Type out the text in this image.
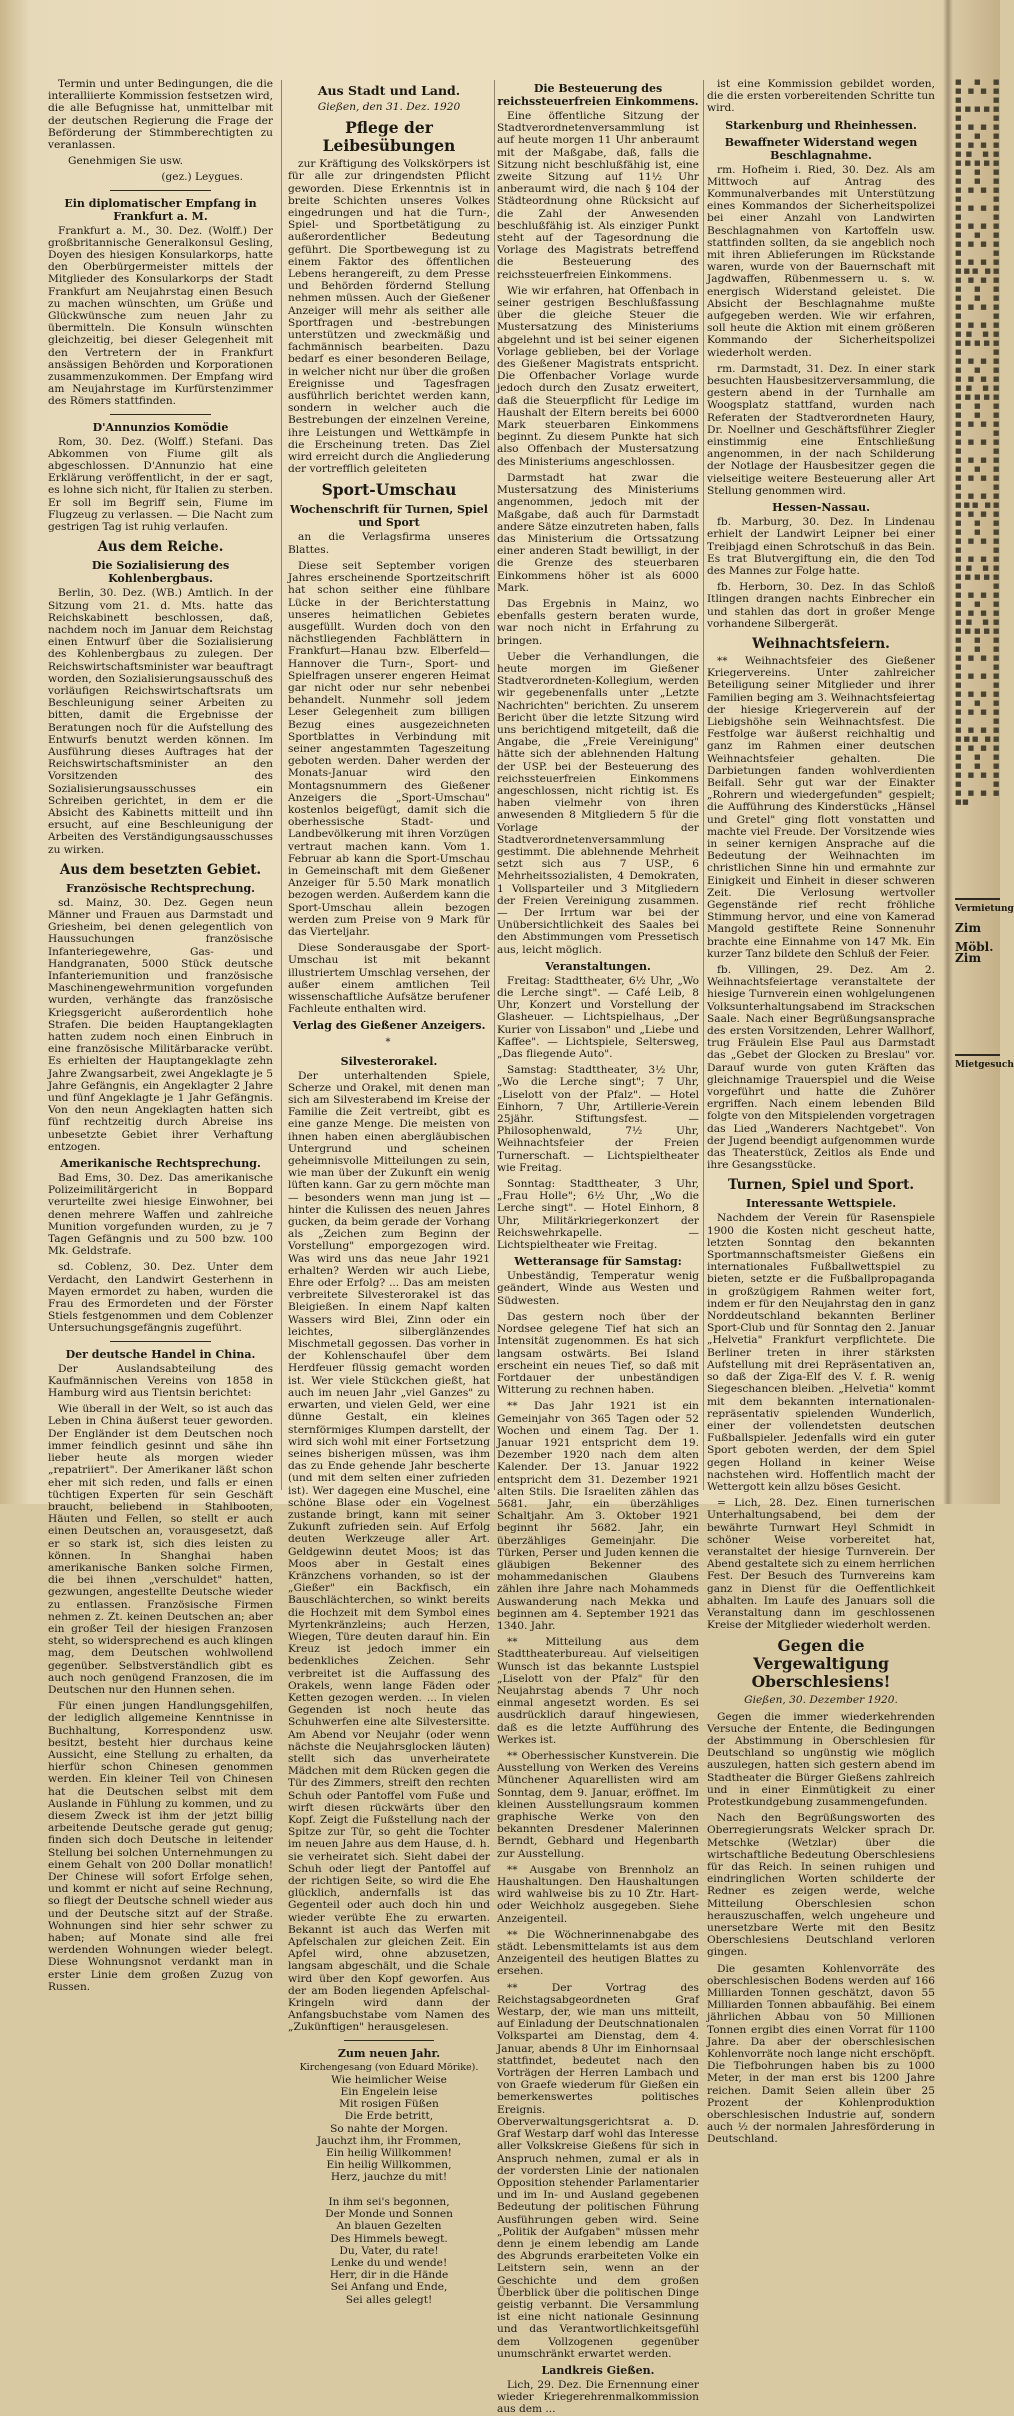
Termin und unter Bedingungen, die die interalliierte Kommission festsetzen wird, die alle Befugnisse hat, unmittelbar mit der deutschen Regierung die Frage der Beförderung der Stimmberechtigten zu veranlassen.

Genehmigen Sie usw.

(gez.) Leygues.

Ein diplomatischer Empfang in Frankfurt a. M.

Frankfurt a. M., 30. Dez. (Wolff.) Der großbritannische Generalkonsul Gesling, Doyen des hiesigen Konsularkorps, hatte den Oberbürgermeister mittels der Mitglieder des Konsularkorps der Stadt Frankfurt am Neujahrstag einen Besuch zu machen wünschten, um Grüße und Glückwünsche zum neuen Jahr zu übermitteln. Die Konsuln wünschten gleichzeitig, bei dieser Gelegenheit mit den Vertretern der in Frankfurt ansässigen Behörden und Korporationen zusammenzukommen. Der Empfang wird am Neujahrstage im Kurfürstenzimmer des Römers stattfinden.

D'Annunzios Komödie

Rom, 30. Dez. (Wolff.) Stefani. Das Abkommen von Fiume gilt als abgeschlossen. D'Annunzio hat eine Erklärung veröffentlicht, in der er sagt, es lohne sich nicht, für Italien zu sterben. Er soll im Begriff sein, Fiume im Flugzeug zu verlassen. — Die Nacht zum gestrigen Tag ist ruhig verlaufen.

Aus dem Reiche.
Die Sozialisierung des Kohlenbergbaus.

Berlin, 30. Dez. (WB.) Amtlich. In der Sitzung vom 21. d. Mts. hatte das Reichskabinett beschlossen, daß, nachdem noch im Januar dem Reichstag einen Entwurf über die Sozialisierung des Kohlenbergbaus zu zulegen. Der Reichswirtschaftsminister war beauftragt worden, den Sozialisierungsausschuß des vorläufigen Reichswirtschaftsrats um Beschleunigung seiner Arbeiten zu bitten, damit die Ergebnisse der Beratungen noch für die Aufstellung des Entwurfs benutzt werden können. Im Ausführung dieses Auftrages hat der Reichswirtschaftsminister an den Vorsitzenden des Sozialisierungsausschusses ein Schreiben gerichtet, in dem er die Absicht des Kabinetts mitteilt und ihn ersucht, auf eine Beschleunigung der Arbeiten des Verständigungsausschusses zu wirken.

Aus dem besetzten Gebiet.
Französische Rechtsprechung.

sd. Mainz, 30. Dez. Gegen neun Männer und Frauen aus Darmstadt und Griesheim, bei denen gelegentlich von Haussuchungen französische Infanteriegewehre, Gas- und Handgranaten, 5000 Stück deutsche Infanteriemunition und französische Maschinengewehrmunition vorgefunden wurden, verhängte das französische Kriegsgericht außerordentlich hohe Strafen. Die beiden Hauptangeklagten hatten zudem noch einen Einbruch in eine französische Militärbaracke verübt. Es erhielten der Hauptangeklagte zehn Jahre Zwangsarbeit, zwei Angeklagte je 5 Jahre Gefängnis, ein Angeklagter 2 Jahre und fünf Angeklagte je 1 Jahr Gefängnis. Von den neun Angeklagten hatten sich fünf rechtzeitig durch Abreise ins unbesetzte Gebiet ihrer Verhaftung entzogen.

Amerikanische Rechtsprechung.

Bad Ems, 30. Dez. Das amerikanische Polizeimilitärgericht in Boppard verurteilte zwei hiesige Einwohner, bei denen mehrere Waffen und zahlreiche Munition vorgefunden wurden, zu je 7 Tagen Gefängnis und zu 500 bzw. 100 Mk. Geldstrafe.

sd. Coblenz, 30. Dez. Unter dem Verdacht, den Landwirt Gesterhenn in Mayen ermordet zu haben, wurden die Frau des Ermordeten und der Förster Stiels festgenommen und dem Coblenzer Untersuchungsgefängnis zugeführt.

Der deutsche Handel in China.

Der Auslandsabteilung des Kaufmännischen Vereins von 1858 in Hamburg wird aus Tientsin berichtet:

Wie überall in der Welt, so ist auch das Leben in China äußerst teuer geworden. Der Engländer ist dem Deutschen noch immer feindlich gesinnt und sähe ihn lieber heute als morgen wieder „repatriiert". Der Amerikaner läßt schon eher mit sich reden, und falls er einen tüchtigen Experten für sein Geschäft braucht, beliebend in Stahlbooten, Häuten und Fellen, so stellt er auch einen Deutschen an, vorausgesetzt, daß er so stark ist, sich dies leisten zu können. In Shanghai haben amerikanische Banken solche Firmen, die bei ihnen „verschuldet" hatten, gezwungen, angestellte Deutsche wieder zu entlassen. Französische Firmen nehmen z. Zt. keinen Deutschen an; aber ein großer Teil der hiesigen Franzosen steht, so widersprechend es auch klingen mag, dem Deutschen wohlwollend gegenüber. Selbstverständlich gibt es auch noch genügend Franzosen, die im Deutschen nur den Hunnen sehen.

Für einen jungen Handlungsgehilfen, der lediglich allgemeine Kenntnisse in Buchhaltung, Korrespondenz usw. besitzt, besteht hier durchaus keine Aussicht, eine Stellung zu erhalten, da hierfür schon Chinesen genommen werden. Ein kleiner Teil von Chinesen hat die Deutschen selbst mit dem Auslande in Fühlung zu kommen, und zu diesem Zweck ist ihm der jetzt billig arbeitende Deutsche gerade gut genug; finden sich doch Deutsche in leitender Stellung bei solchen Unternehmungen zu einem Gehalt von 200 Dollar monatlich! Der Chinese will sofort Erfolge sehen, und kommt er nicht auf seine Rechnung, so fliegt der Deutsche schnell wieder aus und der Deutsche sitzt auf der Straße. Wohnungen sind hier sehr schwer zu haben; auf Monate sind alle frei werdenden Wohnungen wieder belegt. Diese Wohnungsnot verdankt man in erster Linie dem großen Zuzug von Russen.

Aus Stadt und Land.

Gießen, den 31. Dez. 1920

Pflege der Leibesübungen

zur Kräftigung des Volkskörpers ist für alle zur dringendsten Pflicht geworden. Diese Erkenntnis ist in breite Schichten unseres Volkes eingedrungen und hat die Turn-, Spiel- und Sportbetätigung zu außerordentlicher Bedeutung geführt. Die Sportbewegung ist zu einem Faktor des öffentlichen Lebens herangereift, zu dem Presse und Behörden fördernd Stellung nehmen müssen. Auch der Gießener Anzeiger will mehr als seither alle Sportfragen und -bestrebungen unterstützen und zweckmäßig und fachmännisch bearbeiten. Dazu bedarf es einer besonderen Beilage, in welcher nicht nur über die großen Ereignisse und Tagesfragen ausführlich berichtet werden kann, sondern in welcher auch die Bestrebungen der einzelnen Vereine, ihre Leistungen und Wettkämpfe in die Erscheinung treten. Das Ziel wird erreicht durch die Angliederung der vortrefflich geleiteten

Sport-Umschau
Wochenschrift für Turnen, Spiel und Sport

an die Verlagsfirma unseres Blattes.

Diese seit September vorigen Jahres erscheinende Sportzeitschrift hat schon seither eine fühlbare Lücke in der Berichterstattung unseres heimatlichen Gebietes ausgefüllt. Wurden doch von den nächstliegenden Fachblättern in Frankfurt—Hanau bzw. Elberfeld—Hannover die Turn-, Sport- und Spielfragen unserer engeren Heimat gar nicht oder nur sehr nebenbei behandelt. Nunmehr soll jedem Leser Gelegenheit zum billigen Bezug eines ausgezeichneten Sportblattes in Verbindung mit seiner angestammten Tageszeitung geboten werden. Daher werden der Monats-Januar wird den Montagsnummern des Gießener Anzeigers die „Sport-Umschau" kostenlos beigefügt, damit sich die oberhessische Stadt- und Landbevölkerung mit ihren Vorzügen vertraut machen kann. Vom 1. Februar ab kann die Sport-Umschau in Gemeinschaft mit dem Gießener Anzeiger für 5.50 Mark monatlich bezogen werden. Außerdem kann die Sport-Umschau allein bezogen werden zum Preise von 9 Mark für das Vierteljahr.

Diese Sonderausgabe der Sport-Umschau ist mit bekannt illustriertem Umschlag versehen, der außer einem amtlichen Teil wissenschaftliche Aufsätze berufener Fachleute enthalten wird.

Verlag des Gießener Anzeigers.
*
Silvesterorakel.

Der unterhaltenden Spiele, Scherze und Orakel, mit denen man sich am Silvesterabend im Kreise der Familie die Zeit vertreibt, gibt es eine ganze Menge. Die meisten von ihnen haben einen abergläubischen Untergrund und scheinen geheimnisvolle Mitteilungen zu sein, wie man über der Zukunft ein wenig lüften kann. Gar zu gern möchte man — besonders wenn man jung ist — hinter die Kulissen des neuen Jahres gucken, da beim gerade der Vorhang als „Zeichen zum Beginn der Vorstellung" emporgezogen wird. Was wird uns das neue Jahr 1921 erhalten? Werden wir auch Liebe, Ehre oder Erfolg? ... Das am meisten verbreitete Silvesterorakel ist das Bleigießen. In einem Napf kalten Wassers wird Blei, Zinn oder ein leichtes, silberglänzendes Mischmetall gegossen. Das vorher in der Kohlenschaufel über dem Herdfeuer flüssig gemacht worden ist. Wer viele Stückchen gießt, hat auch im neuen Jahr „viel Ganzes" zu erwarten, und vielen Geld, wer eine dünne Gestalt, ein kleines sternförmiges Klumpen darstellt, der wird sich wohl mit einer Fortsetzung seines bisherigen müssen, was ihm das zu Ende gehende Jahr bescherte (und mit dem selten einer zufrieden ist). Wer dagegen eine Muschel, eine schöne Blase oder ein Vogelnest zustande bringt, kann mit seiner Zukunft zufrieden sein. Auf Erfolg deuten Werkzeuge aller Art. Geldgewinn deutet Moos; ist das Moos aber in Gestalt eines Kränzchens vorhanden, so ist der „Gießer" ein Backfisch, ein Bauschlächterchen, so winkt bereits die Hochzeit mit dem Symbol eines Myrtenkränzleins; auch Herzen, Wiegen, Türe deuten darauf hin. Ein Kreuz ist jedoch immer ein bedenkliches Zeichen. Sehr verbreitet ist die Auffassung des Orakels, wenn lange Fäden oder Ketten gezogen werden. ... In vielen Gegenden ist noch heute das Schuhwerfen eine alte Silvestersitte. Am Abend vor Neujahr (oder wenn nächste die Neujahrsglocken läuten) stellt sich das unverheiratete Mädchen mit dem Rücken gegen die Tür des Zimmers, streift den rechten Schuh oder Pantoffel vom Fuße und wirft diesen rückwärts über den Kopf. Zeigt die Fußstellung nach der Spitze zur Tür, so geht die Tochter im neuen Jahre aus dem Hause, d. h. sie verheiratet sich. Sieht dabei der Schuh oder liegt der Pantoffel auf der richtigen Seite, so wird die Ehe glücklich, andernfalls ist das Gegenteil oder auch doch hin und wieder verübte Ehe zu erwarten. Bekannt ist auch das Werfen mit Apfelschalen zur gleichen Zeit. Ein Apfel wird, ohne abzusetzen, langsam abgeschält, und die Schale wird über den Kopf geworfen. Aus der am Boden liegenden Apfelschal-Kringeln wird dann der Anfangsbuchstabe vom Namen des „Zukünftigen" herausgelesen.

Zum neuen Jahr.

Kirchengesang (von Eduard Mörike).

Wie heimlicher Weise

Ein Engelein leise

Mit rosigen Füßen

Die Erde betritt,

So nahte der Morgen.

Jauchzt ihm, ihr Frommen,

Ein heilig Willkommen!

Ein heilig Willkommen,

Herz, jauchze du mit!

In ihm sei's begonnen,

Der Monde und Sonnen

An blauen Gezelten

Des Himmels bewegt.

Du, Vater, du rate!

Lenke du und wende!

Herr, dir in die Hände

Sei Anfang und Ende,

Sei alles gelegt!

Die Besteuerung des reichssteuerfreien Einkommens.

Eine öffentliche Sitzung der Stadtverordnetenversammlung ist auf heute morgen 11 Uhr anberaumt mit der Maßgabe, daß, falls die Sitzung nicht beschlußfähig ist, eine zweite Sitzung auf 11½ Uhr anberaumt wird, die nach § 104 der Städteordnung ohne Rücksicht auf die Zahl der Anwesenden beschlußfähig ist. Als einziger Punkt steht auf der Tagesordnung die Vorlage des Magistrats betreffend die Besteuerung des reichssteuerfreien Einkommens.

Wie wir erfahren, hat Offenbach in seiner gestrigen Beschlußfassung über die gleiche Steuer die Mustersatzung des Ministeriums abgelehnt und ist bei seiner eigenen Vorlage geblieben, bei der Vorlage des Gießener Magistrats entspricht. Die Offenbacher Vorlage wurde jedoch durch den Zusatz erweitert, daß die Steuerpflicht für Ledige im Haushalt der Eltern bereits bei 6000 Mark steuerbaren Einkommens beginnt. Zu diesem Punkte hat sich also Offenbach der Mustersatzung des Ministeriums angeschlossen.

Darmstadt hat zwar die Mustersatzung des Ministeriums angenommen, jedoch mit der Maßgabe, daß auch für Darmstadt andere Sätze einzutreten haben, falls das Ministerium die Ortssatzung einer anderen Stadt bewilligt, in der die Grenze des steuerbaren Einkommens höher ist als 6000 Mark.

Das Ergebnis in Mainz, wo ebenfalls gestern beraten wurde, war noch nicht in Erfahrung zu bringen.

Ueber die Verhandlungen, die heute morgen im Gießener Stadtverordneten-Kollegium, werden wir gegebenenfalls unter „Letzte Nachrichten" berichten. Zu unserem Bericht über die letzte Sitzung wird uns berichtigend mitgeteilt, daß die Angabe, die „Freie Vereinigung" hätte sich der ablehnenden Haltung der USP. bei der Besteuerung des reichssteuerfreien Einkommens angeschlossen, nicht richtig ist. Es haben vielmehr von ihren anwesenden 8 Mitgliedern 5 für die Vorlage der Stadtverordnetenversammlung gestimmt. Die ablehnende Mehrheit setzt sich aus 7 USP., 6 Mehrheitssozialisten, 4 Demokraten, 1 Vollsparteiler und 3 Mitgliedern der Freien Vereinigung zusammen. — Der Irrtum war bei der Unübersichtlichkeit des Saales bei den Abstimmungen vom Pressetisch aus, leicht möglich.

Veranstaltungen.

Freitag: Stadttheater, 6½ Uhr, „Wo die Lerche singt". — Café Leib, 8 Uhr, Konzert und Vorstellung der Glasheuer. — Lichtspielhaus, „Der Kurier von Lissabon" und „Liebe und Kaffee". — Lichtspiele, Seltersweg, „Das fliegende Auto".

Samstag: Stadttheater, 3½ Uhr, „Wo die Lerche singt"; 7 Uhr, „Liselott von der Pfalz". — Hotel Einhorn, 7 Uhr, Artillerie-Verein 25jähr. Stiftungsfest. — Philosophenwald, 7½ Uhr, Weihnachtsfeier der Freien Turnerschaft. — Lichtspieltheater wie Freitag.

Sonntag: Stadttheater, 3 Uhr, „Frau Holle"; 6½ Uhr, „Wo die Lerche singt". — Hotel Einhorn, 8 Uhr, Militärkriegerkonzert der Reichswehrkapelle. — Lichtspieltheater wie Freitag.

Wetteransage für Samstag:

Unbeständig, Temperatur wenig geändert, Winde aus Westen und Südwesten.

Das gestern noch über der Nordsee gelegene Tief hat sich an Intensität zugenommen. Es hat sich langsam ostwärts. Bei Island erscheint ein neues Tief, so daß mit Fortdauer der unbeständigen Witterung zu rechnen haben.

** Das Jahr 1921 ist ein Gemeinjahr von 365 Tagen oder 52 Wochen und einem Tag. Der 1. Januar 1921 entspricht dem 19. Dezember 1920 nach dem alten Kalender. Der 13. Januar 1922 entspricht dem 31. Dezember 1921 alten Stils. Die Israeliten zählen das 5681. Jahr, ein überzähliges Schaltjahr. Am 3. Oktober 1921 beginnt ihr 5682. Jahr, ein überzähliges Gemeinjahr. Die Türken, Perser und Juden kennen die gläubigen Bekenner des mohammedanischen Glaubens zählen ihre Jahre nach Mohammeds Auswanderung nach Mekka und beginnen am 4. September 1921 das 1340. Jahr.

** Mitteilung aus dem Stadttheaterbureau. Auf vielseitigen Wunsch ist das bekannte Lustspiel „Liselott von der Pfalz" für den Neujahrstag abends 7 Uhr noch einmal angesetzt worden. Es sei ausdrücklich darauf hingewiesen, daß es die letzte Aufführung des Werkes ist.

** Oberhessischer Kunstverein. Die Ausstellung von Werken des Vereins Münchener Aquarellisten wird am Sonntag, dem 9. Januar, eröffnet. Im kleinen Ausstellungsraum kommen graphische Werke von den bekannten Dresdener Malerinnen Berndt, Gebhard und Hegenbarth zur Ausstellung.

** Ausgabe von Brennholz an Haushaltungen. Den Haushaltungen wird wahlweise bis zu 10 Ztr. Hart- oder Weichholz ausgegeben. Siehe Anzeigenteil.

** Die Wöchnerinnenabgabe des städt. Lebensmittelamts ist aus dem Anzeigenteil des heutigen Blattes zu ersehen.

** Der Vortrag des Reichstagsabgeordneten Graf Westarp, der, wie man uns mitteilt, auf Einladung der Deutschnationalen Volkspartei am Dienstag, dem 4. Januar, abends 8 Uhr im Einhornsaal stattfindet, bedeutet nach den Vorträgen der Herren Lambach und von Graefe wiederum für Gießen ein bemerkenswertes politisches Ereignis. Oberverwaltungsgerichtsrat a. D. Graf Westarp darf wohl das Interesse aller Volkskreise Gießens für sich in Anspruch nehmen, zumal er als in der vordersten Linie der nationalen Opposition stehender Parlamentarier und im In- und Ausland gegebenen Bedeutung der politischen Führung Ausführungen geben wird. Seine „Politik der Aufgaben" müssen mehr denn je einem lebendig am Lande des Abgrunds erarbeiteten Volke ein Leitstern sein, wenn an der Geschichte und dem großen Überblick über die politischen Dinge geistig verbannt. Die Versammlung ist eine nicht nationale Gesinnung und das Verantwortlichkeitsgefühl dem Vollzogenen gegenüber unumschränkt erwartet werden.

Landkreis Gießen.

Lich, 29. Dez. Die Ernennung einer wieder Kriegerehrenmalkommission aus dem ...

ist eine Kommission gebildet worden, die die ersten vorbereitenden Schritte tun wird.

Starkenburg und Rheinhessen.
Bewaffneter Widerstand wegen Beschlagnahme.

rm. Hofheim i. Ried, 30. Dez. Als am Mittwoch auf Antrag des Kommunalverbandes mit Unterstützung eines Kommandos der Sicherheitspolizei bei einer Anzahl von Landwirten Beschlagnahmen von Kartoffeln usw. stattfinden sollten, da sie angeblich noch mit ihren Ablieferungen im Rückstande waren, wurde von der Bauernschaft mit Jagdwaffen, Rübenmessern u. s. w. energisch Widerstand geleistet. Die Absicht der Beschlagnahme mußte aufgegeben werden. Wie wir erfahren, soll heute die Aktion mit einem größeren Kommando der Sicherheitspolizei wiederholt werden.

rm. Darmstadt, 31. Dez. In einer stark besuchten Hausbesitzerversammlung, die gestern abend in der Turnhalle am Woogsplatz stattfand, wurden nach Referaten der Stadtverordneten Haury, Dr. Noellner und Geschäftsführer Ziegler einstimmig eine Entschließung angenommen, in der nach Schilderung der Notlage der Hausbesitzer gegen die vielseitige weitere Besteuerung aller Art Stellung genommen wird.

Hessen-Nassau.

fb. Marburg, 30. Dez. In Lindenau erhielt der Landwirt Leipner bei einer Treibjagd einen Schrotschuß in das Bein. Es trat Blutvergiftung ein, die den Tod des Mannes zur Folge hatte.

fb. Herborn, 30. Dez. In das Schloß Itlingen drangen nachts Einbrecher ein und stahlen das dort in großer Menge vorhandene Silbergerät.

Weihnachtsfeiern.

** Weihnachtsfeier des Gießener Kriegervereins. Unter zahlreicher Beteiligung seiner Mitglieder und ihrer Familien beging am 3. Weihnachtsfeiertag der hiesige Kriegerverein auf der Liebigshöhe sein Weihnachtsfest. Die Festfolge war äußerst reichhaltig und ganz im Rahmen einer deutschen Weihnachtsfeier gehalten. Die Darbietungen fanden wohlverdienten Beifall. Sehr gut war der Einakter „Rohrern und wiedergefunden" gespielt; die Aufführung des Kinderstücks „Hänsel und Gretel" ging flott vonstatten und machte viel Freude. Der Vorsitzende wies in seiner kernigen Ansprache auf die Bedeutung der Weihnachten im christlichen Sinne hin und ermahnte zur Einigkeit und Einheit in dieser schweren Zeit. Die Verlosung wertvoller Gegenstände rief recht fröhliche Stimmung hervor, und eine von Kamerad Mangold gestiftete Reine Sonnenuhr brachte eine Einnahme von 147 Mk. Ein kurzer Tanz bildete den Schluß der Feier.

fb. Villingen, 29. Dez. Am 2. Weihnachtsfeiertage veranstaltete der hiesige Turnverein einen wohlgelungenen Volksunterhaltungsabend im Strackschen Saale. Nach einer Begrüßungsansprache des ersten Vorsitzenden, Lehrer Wallhorf, trug Fräulein Else Paul aus Darmstadt das „Gebet der Glocken zu Breslau" vor. Darauf wurde von guten Kräften das gleichnamige Trauerspiel und die Weise vorgeführt und hatte die Zuhörer ergriffen. Nach einem lebenden Bild folgte von den Mitspielenden vorgetragen das Lied „Wanderers Nachtgebet". Von der Jugend beendigt aufgenommen wurde das Theaterstück, Zeitlos als Ende und ihre Gesangsstücke.

Turnen, Spiel und Sport.
Interessante Wettspiele.

Nachdem der Verein für Rasenspiele 1900 die Kosten nicht gescheut hatte, letzten Sonntag den bekannten Sportmannschaftsmeister Gießens ein internationales Fußballwettspiel zu bieten, setzte er die Fußballpropaganda in großzügigem Rahmen weiter fort, indem er für den Neujahrstag den in ganz Norddeutschland bekannten Berliner Sport-Club und für Sonntag den 2. Januar „Helvetia" Frankfurt verpflichtete. Die Berliner treten in ihrer stärksten Aufstellung mit drei Repräsentativen an, so daß der Ziga-Elf des V. f. R. wenig Siegeschancen bleiben. „Helvetia" kommt mit dem bekannten internationalen-repräsentativ spielenden Wunderlich, einer der vollendetsten deutschen Fußballspieler. Jedenfalls wird ein guter Sport geboten werden, der dem Spiel gegen Holland in keiner Weise nachstehen wird. Hoffentlich macht der Wettergott kein allzu böses Gesicht.

= Lich, 28. Dez. Einen turnerischen Unterhaltungsabend, bei dem der bewährte Turnwart Heyl Schmidt in schöner Weise vorbereitet hat, veranstaltet der hiesige Turnverein. Der Abend gestaltete sich zu einem herrlichen Fest. Der Besuch des Turnvereins kam ganz in Dienst für die Oeffentlichkeit abhalten. Im Laufe des Januars soll die Veranstaltung dann im geschlossenen Kreise der Mitglieder wiederholt werden.

Gegen die Vergewaltigung Oberschlesiens!

Gießen, 30. Dezember 1920.

Gegen die immer wiederkehrenden Versuche der Entente, die Bedingungen der Abstimmung in Oberschlesien für Deutschland so ungünstig wie möglich auszulegen, hatten sich gestern abend im Stadtheater die Bürger Gießens zahlreich und in einer Einmütigkeit zu einer Protestkundgebung zusammengefunden.

Nach den Begrüßungsworten des Oberregierungsrats Welcker sprach Dr. Metschke (Wetzlar) über die wirtschaftliche Bedeutung Oberschlesiens für das Reich. In seinen ruhigen und eindringlichen Worten schilderte der Redner es zeigen werde, welche Mitteilung Oberschlesien schon herauszuschaffen, welch ungeheure und unersetzbare Werte mit den Besitz Oberschlesiens Deutschland verloren gingen.

Die gesamten Kohlenvorräte des oberschlesischen Bodens werden auf 166 Milliarden Tonnen geschätzt, davon 55 Milliarden Tonnen abbaufähig. Bei einem jährlichen Abbau von 50 Millionen Tonnen ergibt dies einen Vorrat für 1100 Jahre. Da aber der oberschlesischen Kohlenvorräte noch lange nicht erschöpft. Die Tiefbohrungen haben bis zu 1000 Meter, in der man erst bis 1200 Jahre reichen. Damit Seien allein über 25 Prozent der Kohlenproduktion oberschlesischen Industrie auf, sondern auch ½ der normalen Jahresförderung in Deutschland.

■■■ ■■■■ ■■ ■■■■■ ■■ ■■■■ ■■■ ■■■■ ■■ ■■ ■■■■■ ■■■ ■■■ ■■■■ ■■ ■■■■ ■■ ■■■■ ■■■ ■■■■ ■■ ■■■■ ■■■ ■■ ■■■■ ■■■ ■■■ ■■■■ ■■ ■■■■ ■■ ■■ ■■■■■ ■■ ■■■■ ■■■ ■■■■ ■■ ■■ ■■■■■ ■■■ ■■■ ■■■■ ■■ ■■■■ ■■ ■■■■ ■■■ ■■■■ ■■ ■■■■ ■■■ ■■ ■■■■ ■■■ ■■■ ■■■■ ■■ ■■■■ ■■ ■■ ■■■■■ ■■ ■■■■ ■■■ ■■■■ ■■ ■■ ■■■■■ ■■■ ■■■ ■■■■ ■■ ■■■■ ■■ ■■■■ ■■■ ■■■■ ■■ ■■■■ ■■■ ■■ ■■■■ ■■■ ■■■ ■■■■ ■■ ■■■■ ■■
Vermietung
Zim
Möbl. Zim
Mietgesuch
